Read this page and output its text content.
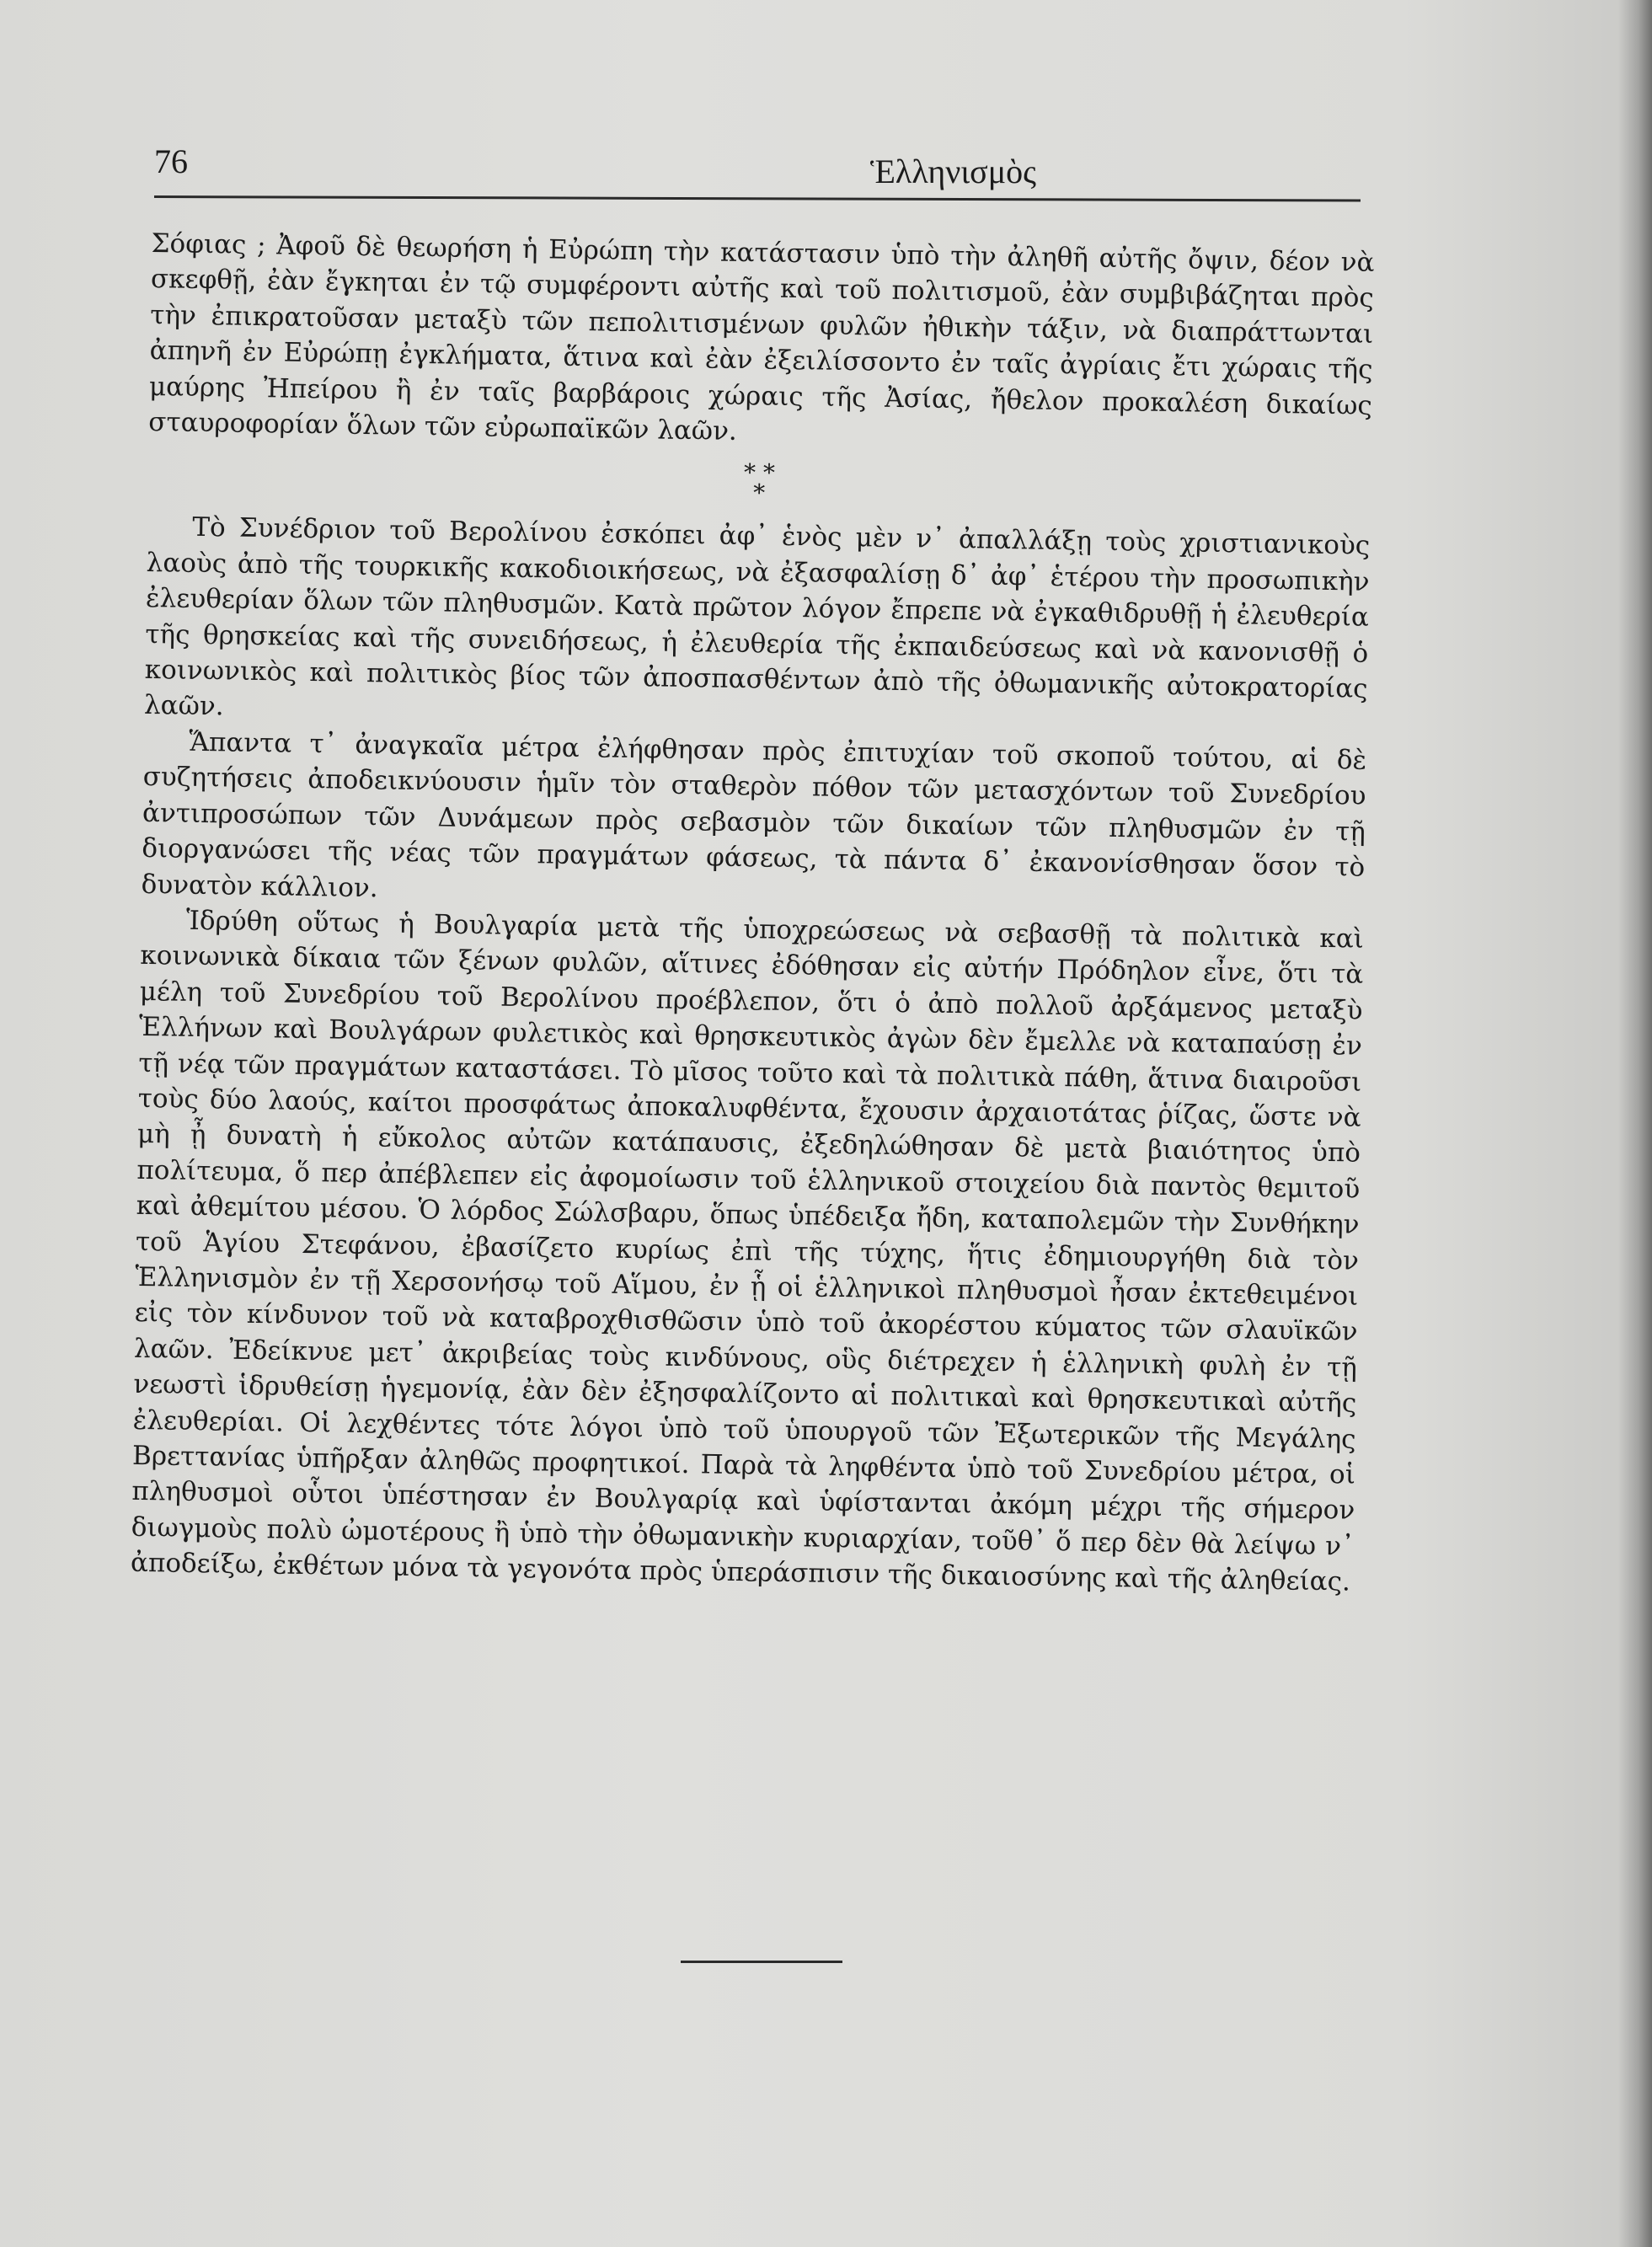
76	Ἑλληνισμὸς

Σόφιας ; Ἀφοῦ δὲ θεωρήση ἡ Εὐρώπη τὴν κατάστασιν ὑπὸ τὴν ἀληθῆ αὐτῆς ὄψιν, δέον νὰ σκεφθῇ, ἐὰν ἔγκηται ἐν τῷ συμφέροντι αὐτῆς καὶ τοῦ πολιτισμοῦ, ἐὰν συμβιβάζηται πρὸς τὴν ἐπικρατοῦσαν μεταξὺ τῶν πεπολιτισμένων φυλῶν ἠθικὴν τάξιν, νὰ διαπράττωνται ἀπηνῆ ἐν Εὐρώπῃ ἐγκλήματα, ἅτινα καὶ ἐὰν ἐξειλίσσοντο ἐν ταῖς ἀγρίαις ἔτι χώραις τῆς μαύρης Ἠπείρου ἢ ἐν ταῖς βαρβάροις χώραις τῆς Ἀσίας, ἤθελον προκαλέση δικαίως σταυροφορίαν ὅλων τῶν εὐρωπαϊκῶν λαῶν.

* *
*

Τὸ Συνέδριον τοῦ Βερολίνου ἐσκόπει ἀφ᾽ ἑνὸς μὲν ν᾽ ἀπαλλάξῃ τοὺς χριστιανικοὺς λαοὺς ἀπὸ τῆς τουρκικῆς κακοδιοικήσεως, νὰ ἐξασφαλίσῃ δ᾽ ἀφ᾽ ἑτέρου τὴν προσωπικὴν ἐλευθερίαν ὅλων τῶν πληθυσμῶν. Κατὰ πρῶτον λόγον ἔπρεπε νὰ ἐγκαθιδρυθῇ ἡ ἐλευθερία τῆς θρησκείας καὶ τῆς συνειδήσεως, ἡ ἐλευθερία τῆς ἐκπαιδεύσεως καὶ νὰ κανονισθῇ ὁ κοινωνικὸς καὶ πολιτικὸς βίος τῶν ἀποσπασθέντων ἀπὸ τῆς ὀθωμανικῆς αὐτοκρατορίας λαῶν.

Ἅπαντα τ᾽ ἀναγκαῖα μέτρα ἐλήφθησαν πρὸς ἐπιτυχίαν τοῦ σκοποῦ τούτου, αἱ δὲ συζητήσεις ἀποδεικνύουσιν ἡμῖν τὸν σταθερὸν πόθον τῶν μετασχόντων τοῦ Συνεδρίου ἀντιπροσώπων τῶν Δυνάμεων πρὸς σεβασμὸν τῶν δικαίων τῶν πληθυσμῶν ἐν τῇ διοργανώσει τῆς νέας τῶν πραγμάτων φάσεως, τὰ πάντα δ᾽ ἐκανονίσθησαν ὅσον τὸ δυνατὸν κάλλιον.

Ἱδρύθη οὕτως ἡ Βουλγαρία μετὰ τῆς ὑποχρεώσεως νὰ σεβασθῇ τὰ πολιτικὰ καὶ κοινωνικὰ δίκαια τῶν ξένων φυλῶν, αἵτινες ἐδόθησαν εἰς αὐτήν Πρόδηλον εἶνε, ὅτι τὰ μέλη τοῦ Συνεδρίου τοῦ Βερολίνου προέβλεπον, ὅτι ὁ ἀπὸ πολλοῦ ἀρξάμενος μεταξὺ Ἑλλήνων καὶ Βουλγάρων φυλετικὸς καὶ θρησκευτικὸς ἀγὼν δὲν ἔμελλε νὰ καταπαύσῃ ἐν τῇ νέᾳ τῶν πραγμάτων καταστάσει. Τὸ μῖσος τοῦτο καὶ τὰ πολιτικὰ πάθη, ἅτινα διαιροῦσι τοὺς δύο λαούς, καίτοι προσφάτως ἀποκαλυφθέντα, ἔχουσιν ἀρχαιοτάτας ῥίζας, ὥστε νὰ μὴ ᾖ δυνατὴ ἡ εὔκολος αὐτῶν κατάπαυσις, ἐξεδηλώθησαν δὲ μετὰ βιαιότητος ὑπὸ πολίτευμα, ὅ περ ἀπέβλεπεν εἰς ἀφομοίωσιν τοῦ ἑλληνικοῦ στοιχείου διὰ παντὸς θεμιτοῦ καὶ ἀθεμίτου μέσου. Ὁ λόρδος Σώλσβαρυ, ὅπως ὑπέδειξα ἤδη, καταπολεμῶν τὴν Συνθήκην τοῦ Ἁγίου Στεφάνου, ἐβασίζετο κυρίως ἐπὶ τῆς τύχης, ἥτις ἐδημιουργήθη διὰ τὸν Ἑλληνισμὸν ἐν τῇ Χερσονήσῳ τοῦ Αἵμου, ἐν ᾗ οἱ ἑλληνικοὶ πληθυσμοὶ ἦσαν ἐκτεθειμένοι εἰς τὸν κίνδυνον τοῦ νὰ καταβροχθισθῶσιν ὑπὸ τοῦ ἀκορέστου κύματος τῶν σλαυϊκῶν λαῶν. Ἐδείκνυε μετ᾽ ἀκριβείας τοὺς κινδύνους, οὓς διέτρεχεν ἡ ἑλληνικὴ φυλὴ ἐν τῇ νεωστὶ ἱδρυθείσῃ ἡγεμονίᾳ, ἐὰν δὲν ἐξησφαλίζοντο αἱ πολιτικαὶ καὶ θρησκευτικαὶ αὐτῆς ἐλευθερίαι. Οἱ λεχθέντες τότε λόγοι ὑπὸ τοῦ ὑπουργοῦ τῶν Ἐξωτερικῶν τῆς Μεγάλης Βρεττανίας ὑπῆρξαν ἀληθῶς προφητικοί. Παρὰ τὰ ληφθέντα ὑπὸ τοῦ Συνεδρίου μέτρα, οἱ πληθυσμοὶ οὗτοι ὑπέστησαν ἐν Βουλγαρίᾳ καὶ ὑφίστανται ἀκόμη μέχρι τῆς σήμερον διωγμοὺς πολὺ ὠμοτέρους ἢ ὑπὸ τὴν ὀθωμανικὴν κυριαρχίαν, τοῦθ᾽ ὅ περ δὲν θὰ λείψω ν᾽ ἀποδείξω, ἐκθέτων μόνα τὰ γεγονότα πρὸς ὑπεράσπισιν τῆς δικαιοσύνης καὶ τῆς ἀληθείας.
